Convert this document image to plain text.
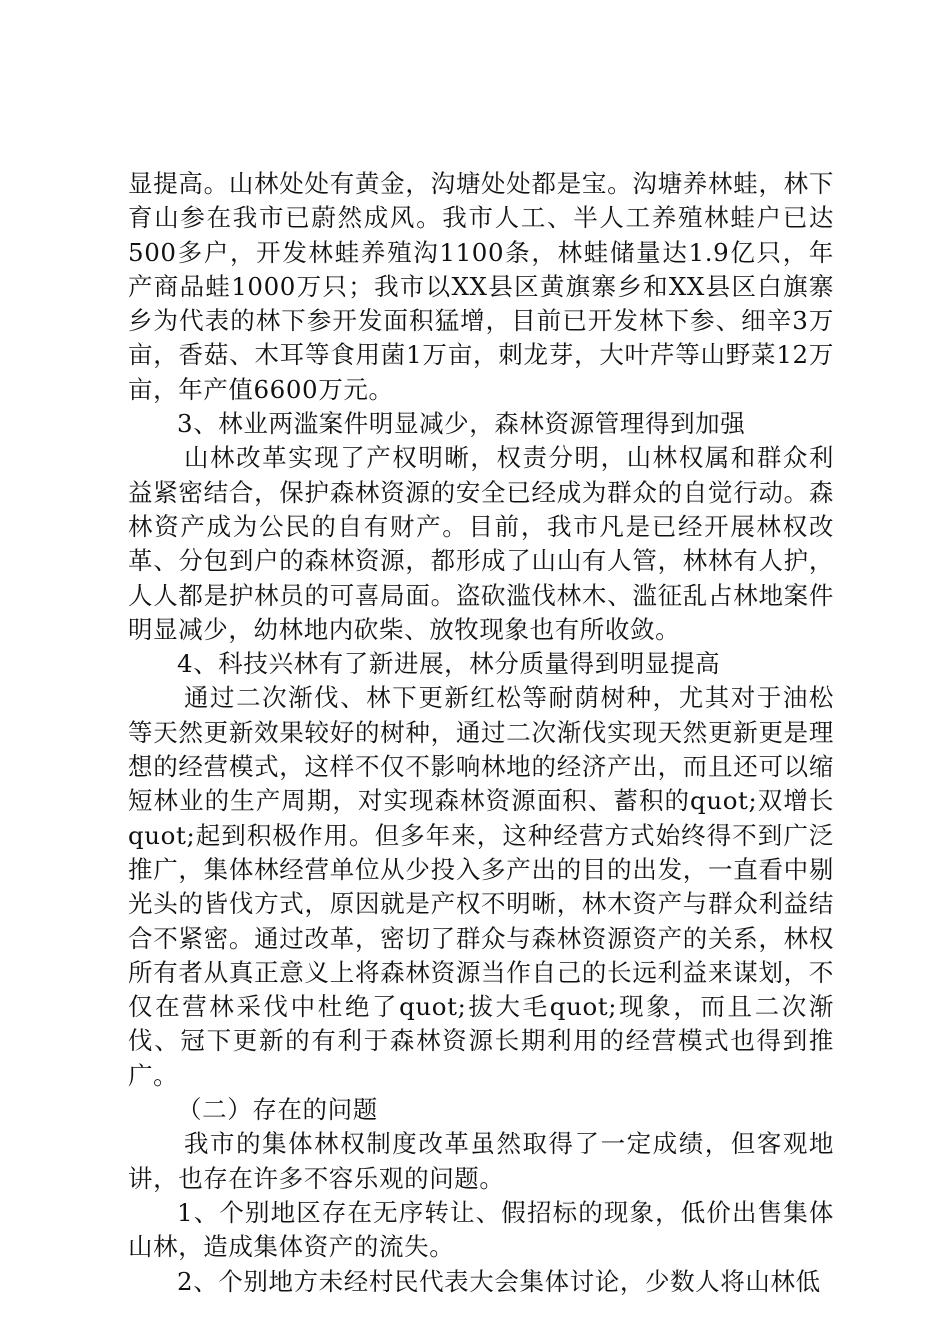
显提高。山林处处有黄金，沟塘处处都是宝。沟塘养林蛙，林下育山参在我市已蔚然成风。我市人工、半人工养殖林蛙户已达500多户，开发林蛙养殖沟1100条，林蛙储量达1.9亿只，年产商品蛙1000万只；我市以XX县区黄旗寨乡和XX县区白旗寨乡为代表的林下参开发面积猛增，目前已开发林下参、细辛3万亩，香菇、木耳等食用菌1万亩，刺龙芽，大叶芹等山野菜12万亩，年产值6600万元。

3、林业两滥案件明显减少，森林资源管理得到加强

山林改革实现了产权明晰，权责分明，山林权属和群众利益紧密结合，保护森林资源的安全已经成为群众的自觉行动。森林资产成为公民的自有财产。目前，我市凡是已经开展林权改革、分包到户的森林资源，都形成了山山有人管，林林有人护，人人都是护林员的可喜局面。盗砍滥伐林木、滥征乱占林地案件明显减少，幼林地内砍柴、放牧现象也有所收敛。

4、科技兴林有了新进展，林分质量得到明显提高

通过二次渐伐、林下更新红松等耐荫树种，尤其对于油松等天然更新效果较好的树种，通过二次渐伐实现天然更新更是理想的经营模式，这样不仅不影响林地的经济产出，而且还可以缩短林业的生产周期，对实现森林资源面积、蓄积的quot;双增长quot;起到积极作用。但多年来，这种经营方式始终得不到广泛推广，集体林经营单位从少投入多产出的目的出发，一直看中剔光头的皆伐方式，原因就是产权不明晰，林木资产与群众利益结合不紧密。通过改革，密切了群众与森林资源资产的关系，林权所有者从真正意义上将森林资源当作自己的长远利益来谋划，不仅在营林采伐中杜绝了quot;拔大毛quot;现象，而且二次渐伐、冠下更新的有利于森林资源长期利用的经营模式也得到推广。

（二）存在的问题

我市的集体林权制度改革虽然取得了一定成绩，但客观地讲，也存在许多不容乐观的问题。

1、个别地区存在无序转让、假招标的现象，低价出售集体山林，造成集体资产的流失。

2、个别地方未经村民代表大会集体讨论，少数人将山林低
